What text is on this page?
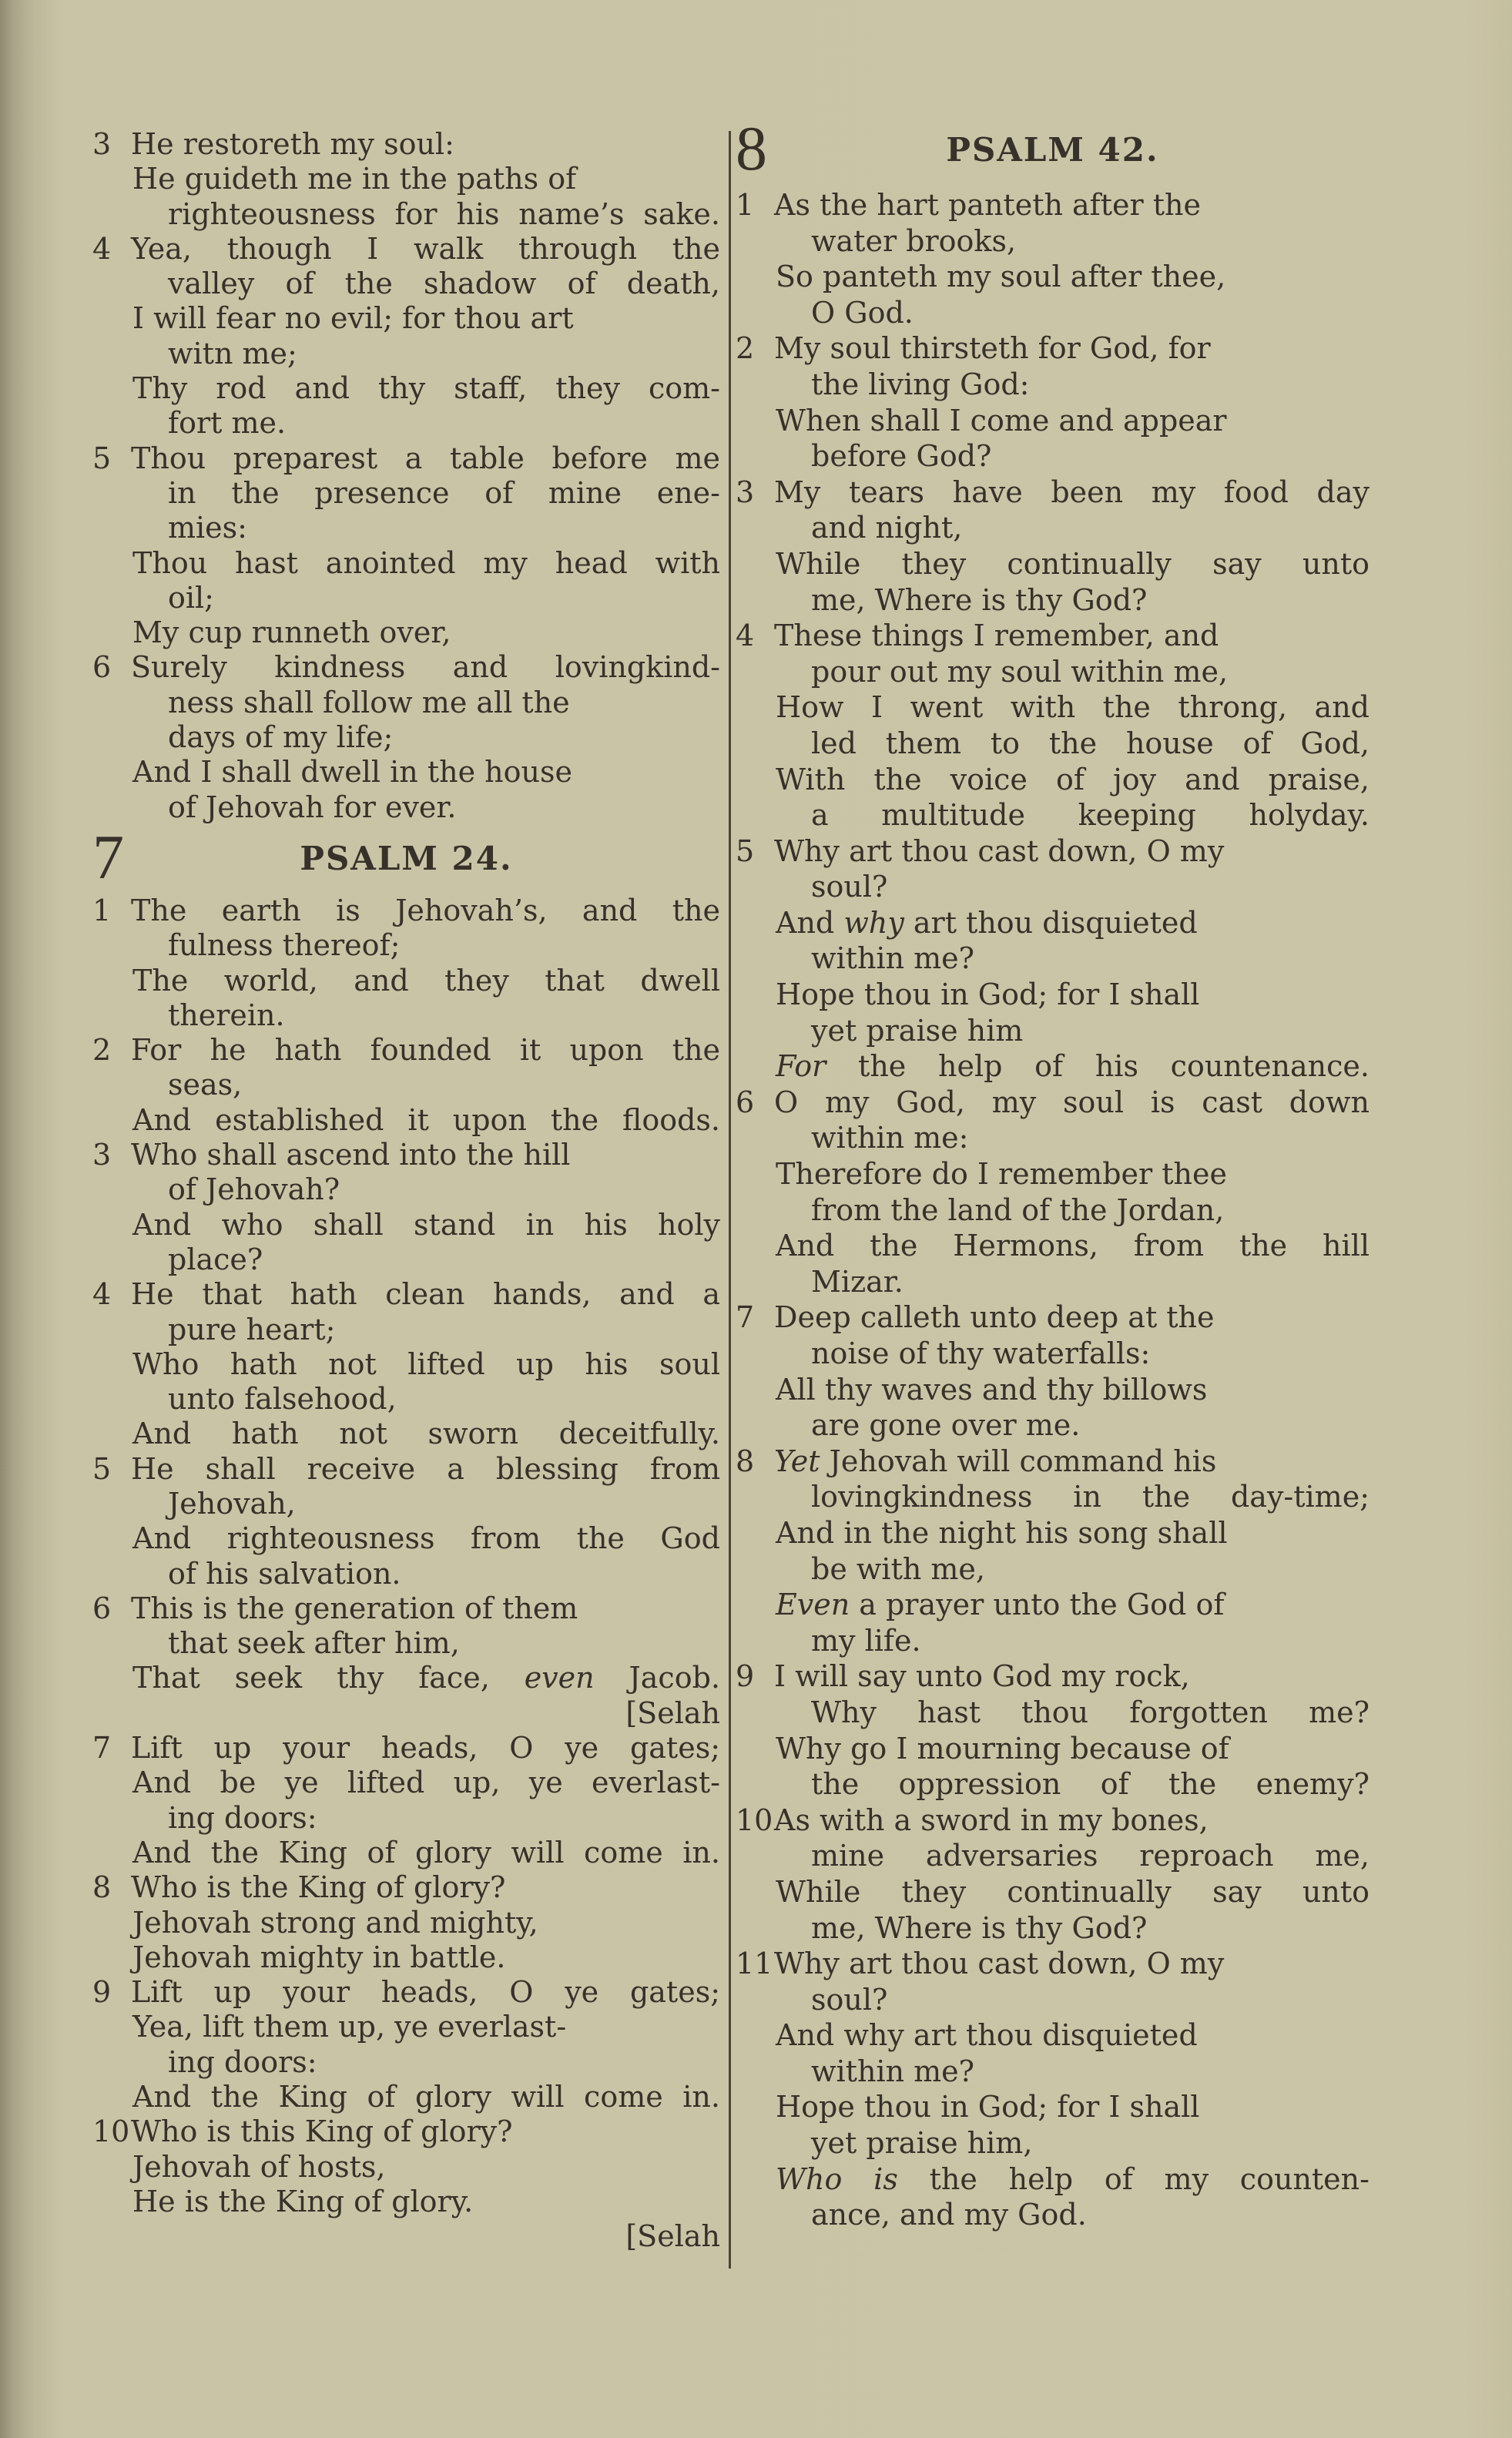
3 He restoreth my soul:
He guideth me in the paths of
righteousness for his name’s sake.
4 Yea, though I walk through the
valley of the shadow of death,
I will fear no evil; for thou art
witn me;
Thy rod and thy staff, they com-
fort me.
5 Thou preparest a table before me
in the presence of mine ene-
mies:
Thou hast anointed my head with
oil;
My cup runneth over,
6 Surely kindness and lovingkind-
ness shall follow me all the
days of my life;
And I shall dwell in the house
of Jehovah for ever.
7	PSALM 24.
1 The earth is Jehovah’s, and the
fulness thereof;
The world, and they that dwell
therein.
2 For he hath founded it upon the
seas,
And established it upon the floods.
3 Who shall ascend into the hill
of Jehovah?
And who shall stand in his holy
place?
4 He that hath clean hands, and a
pure heart;
Who hath not lifted up his soul
unto falsehood,
And hath not sworn deceitfully.
5 He shall receive a blessing from
Jehovah,
And righteousness from the God
of his salvation.
6 This is the generation of them
that seek after him,
That seek thy face, even Jacob.
[Selah
7 Lift up your heads, O ye gates;
And be ye lifted up, ye everlast-
ing doors:
And the King of glory will come in.
8 Who is the King of glory?
Jehovah strong and mighty,
Jehovah mighty in battle.
9 Lift up your heads, O ye gates;
Yea, lift them up, ye everlast-
ing doors:
And the King of glory will come in.
10Who is this King of glory?
Jehovah of hosts,
He is the King of glory.
[Selah
8	PSALM 42.
1 As the hart panteth after the
water brooks,
So panteth my soul after thee,
O God.
2 My soul thirsteth for God, for
the living God:
When shall I come and appear
before God?
3 My tears have been my food day
and night,
While they continually say unto
me, Where is thy God?
4 These things I remember, and
pour out my soul within me,
How I went with the throng, and
led them to the house of God,
With the voice of joy and praise,
a multitude keeping holyday.
5 Why art thou cast down, O my
soul?
And why art thou disquieted
within me?
Hope thou in God; for I shall
yet praise him
For the help of his countenance.
6 O my God, my soul is cast down
within me:
Therefore do I remember thee
from the land of the Jordan,
And the Hermons, from the hill
Mizar.
7 Deep calleth unto deep at the
noise of thy waterfalls:
All thy waves and thy billows
are gone over me.
8 Yet Jehovah will command his
lovingkindness in the day-time;
And in the night his song shall
be with me,
Even a prayer unto the God of
my life.
9 I will say unto God my rock,
Why hast thou forgotten me?
Why go I mourning because of
the oppression of the enemy?
10As with a sword in my bones,
mine adversaries reproach me,
While they continually say unto
me, Where is thy God?
11Why art thou cast down, O my
soul?
And why art thou disquieted
within me?
Hope thou in God; for I shall
yet praise him,
Who is the help of my counten-
ance, and my God.
